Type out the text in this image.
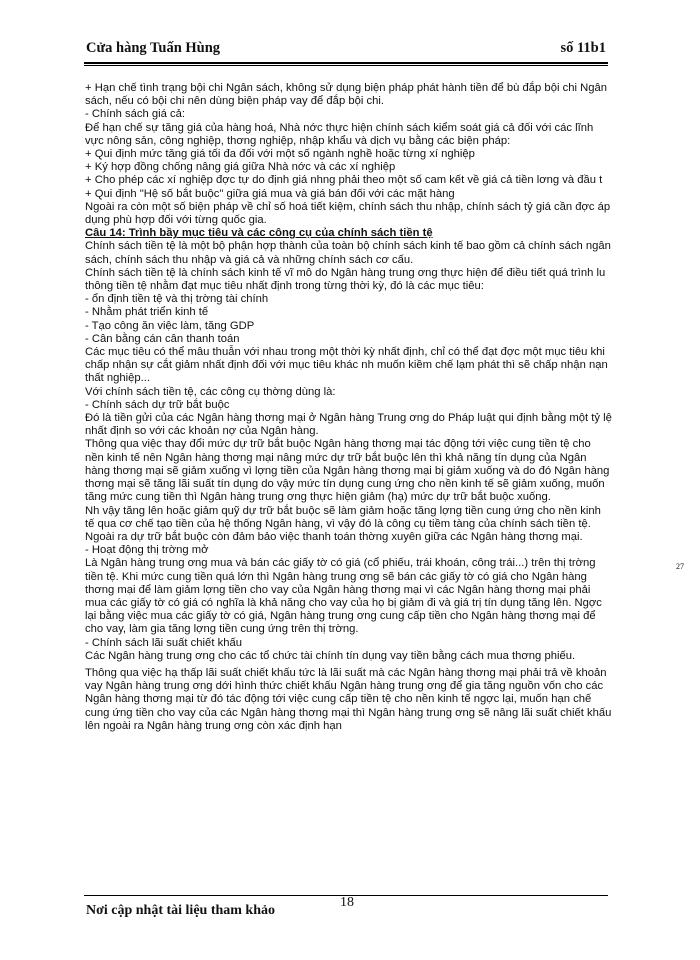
Cửa hàng Tuấn Hùng	số 11b1

+ Hạn chế tình trạng bội chi Ngân sách, không sử dụng biện pháp phát hành tiền để bù đắp bội chi Ngân sách, nếu có bội chi nên dùng biện pháp vay để đắp bội chi.

- Chính sách giá cả:

Để hạn chế sự tăng giá của hàng hoá, Nhà nớc thực hiện chính sách kiểm soát giá cả đối với các lĩnh vực nông sản, công nghiệp, thơng nghiệp, nhập khẩu và dịch vụ bằng các biện pháp:

+ Qui định mức tăng giá tối đa đối với một số ngành nghề hoặc từng xí nghiệp

+ Ký hợp đồng chống nâng giá giữa Nhà nớc và các xí nghiệp

+ Cho phép các xí nghiệp đợc tự do định giá nhng phải theo một số cam kết về giá cả tiền lơng và đầu t

+ Qui định "Hệ số bắt buộc" giữa giá mua và giá bán đối với các mặt hàng

Ngoài ra còn một số biện pháp về chỉ số hoá tiết kiệm, chính sách thu nhập, chính sách tỷ giá cần đợc áp dụng phù hợp đối với từng quốc gia.

Câu 14: Trình bầy mục tiêu và các công cụ của chính sách tiền tệ

Chính sách tiền tệ là một bộ phận hợp thành của toàn bộ chính sách kinh tế bao gồm cả chính sách ngân sách, chính sách thu nhập và giá cả và những chính sách cơ cấu.

Chính sách tiền tệ là chính sách kinh tế vĩ mô do Ngân hàng trung ơng thực hiện để điều tiết quá trình lu thông tiền tệ nhằm đạt mục tiêu nhất định trong từng thời kỳ, đó là các mục tiêu:

- ổn định tiền tệ và thị trờng tài chính

- Nhằm phát triển kinh tế

- Tạo công ăn việc làm, tăng GDP

- Cân bằng cán cân thanh toán

Các mục tiêu có thể mâu thuẫn với nhau trong một thời kỳ nhất định, chỉ có thể đạt đợc một mục tiêu khi chấp nhận sự cắt giảm nhất định đối với mục tiêu khác nh muốn kiềm chế lạm phát thì sẽ chấp nhận nạn thất nghiệp...

Với chính sách tiền tệ, các công cụ thờng dùng là:

- Chính sách dự trữ bắt buộc

Đó là tiền gửi của các Ngân hàng thơng mại ở Ngân hàng Trung ơng do Pháp luật qui định bằng một tỷ lệ nhất định so với các khoản nợ của Ngân hàng.

Thông qua việc thay đổi mức dự trữ bắt buộc Ngân hàng thơng mại tác động tới việc cung tiền tệ cho nền kinh tế nên Ngân hàng thơng mại nâng mức dự trữ bắt buộc lên thì khả năng tín dụng của Ngân hàng thơng mại sẽ giảm xuống vì lợng tiền của Ngân hàng thơng mại bị giảm xuống và do đó Ngân hàng thơng mại sẽ tăng lãi suất tín dụng do vậy mức tín dụng cung ứng cho nền kinh tế sẽ giảm xuống, muốn tăng mức cung tiền thì Ngân hàng trung ơng thực hiện giảm (hạ) mức dự trữ bắt buộc xuống.

Nh vậy tăng lên hoặc giảm quỹ dự trữ bắt buộc sẽ làm giảm hoặc tăng lợng tiền cung ứng cho nền kinh tế qua cơ chế tạo tiền của hệ thống Ngân hàng, vì vậy đó là công cụ tiềm tàng của chính sách tiền tệ.

Ngoài ra dự trữ bắt buộc còn đảm bảo việc thanh toán thờng xuyên giữa các Ngân hàng thơng mại.

- Hoạt động thị trờng mở

Là Ngân hàng trung ơng mua và bán các giấy tờ có giá (cổ phiếu, trái khoán, công trái...) trên thị trờng tiền tệ. Khi mức cung tiền quá lớn thì Ngân hàng trung ơng sẽ bán các giấy tờ có giá cho Ngân hàng thơng mại để làm giảm lợng tiền cho vay của Ngân hàng thơng mại vì các Ngân hàng thơng mại phải mua các giấy tờ có giá có nghĩa là khả năng cho vay của họ bị giảm đi và giá trị tín dụng tăng lên. Ngợc lại bằng việc mua các giấy tờ có giá, Ngân hàng trung ơng cung cấp tiền cho Ngân hàng thơng mại để cho vay, làm gia tăng lợng tiền cung ứng trên thị trờng.

- Chính sách lãi suất chiết khấu

Các Ngân hàng trung ơng cho các tổ chức tài chính tín dụng vay tiền bằng cách mua thơng phiếu.

Thông qua việc hạ thấp lãi suất chiết khấu tức là lãi suất mà các Ngân hàng thơng mại phải trả về khoản vay Ngân hàng trung ơng dới hình thức chiết khấu Ngân hàng trung ơng để gia tăng nguồn vốn cho các Ngân hàng thơng mại từ đó tác động tới việc cung cấp tiền tệ cho nền kinh tế ngợc lại, muốn hạn chế cung ứng tiền cho vay của các Ngân hàng thơng mại thì Ngân hàng trung ơng sẽ nâng lãi suất chiết khấu lên ngoài ra Ngân hàng trung ơng còn xác định hạn

27
Nơi cập nhật tài liệu tham khảo
18
